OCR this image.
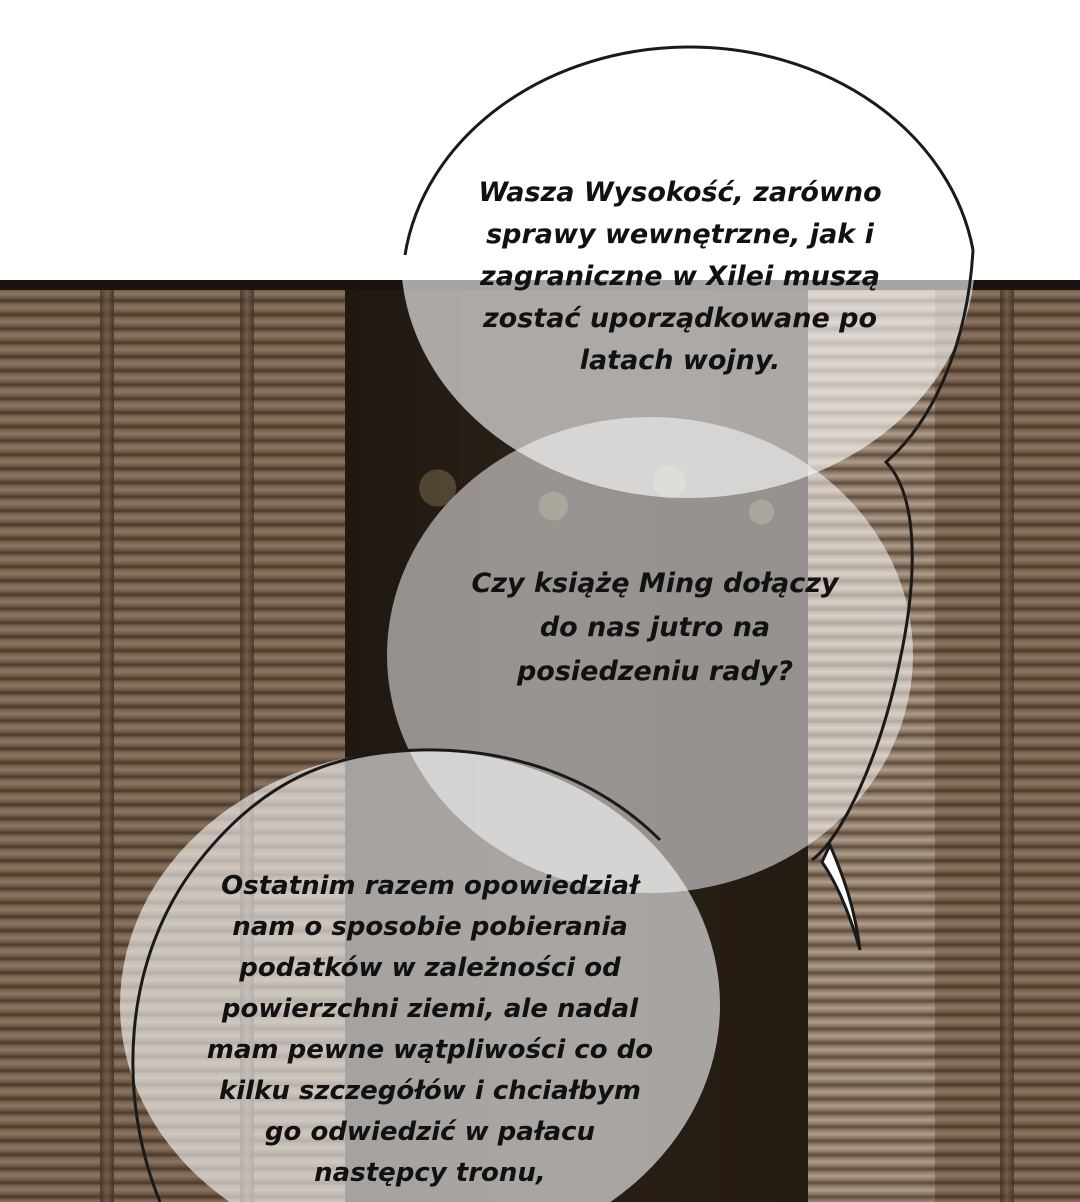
Wasza Wysokość, zarówno
sprawy wewnętrzne, jak i
zagraniczne w Xilei muszą
zostać uporządkowane po
latach wojny.

Czy książę Ming dołączy
do nas jutro na
posiedzeniu rady?

Ostatnim razem opowiedział
nam o sposobie pobierania
podatków w zależności od
powierzchni ziemi, ale nadal
mam pewne wątpliwości co do
kilku szczegółów i chciałbym
go odwiedzić w pałacu
następcy tronu,
